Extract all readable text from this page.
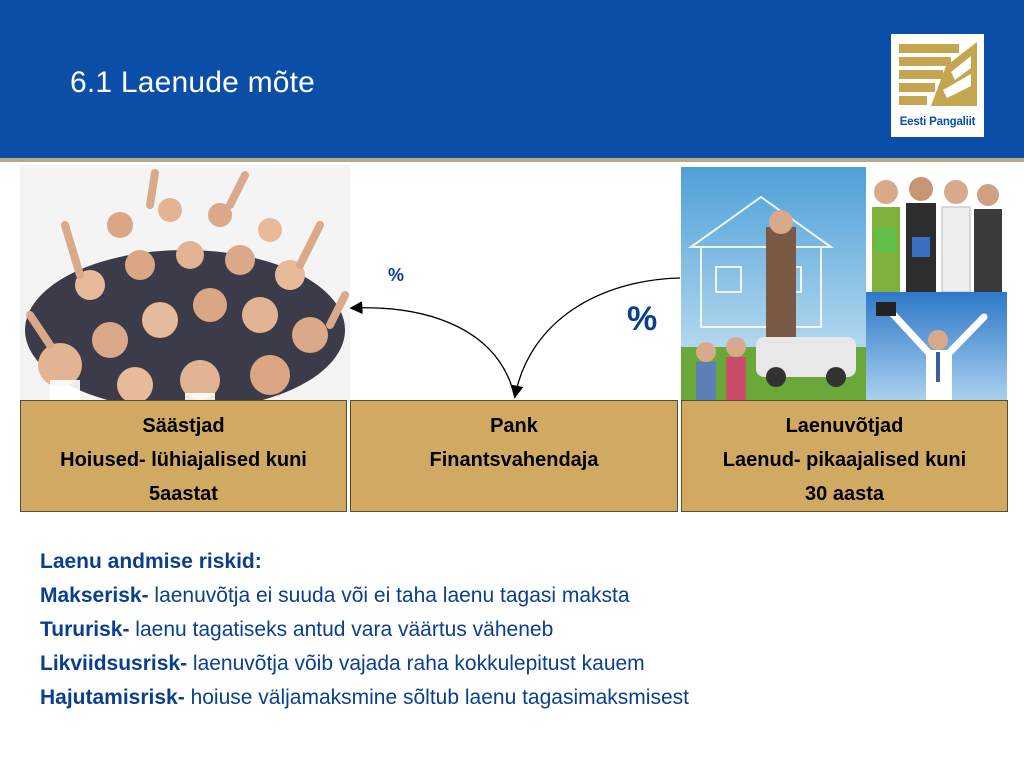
6.1 Laenude mõte
Eesti Pangaliit
%
%
Säästjad
Hoiused- lühiajalised kuni
5aastat
Pank
Finantsvahendaja
Laenuvõtjad
Laenud- pikaajalised kuni
30 aasta
Laenu andmise riskid:
Makserisk- laenuvõtja ei suuda või ei taha laenu tagasi maksta
Tururisk- laenu tagatiseks antud vara väärtus väheneb
Likviidsusrisk- laenuvõtja võib vajada raha kokkulepitust kauem
Hajutamisrisk- hoiuse väljamaksmine sõltub laenu tagasimaksmisest
